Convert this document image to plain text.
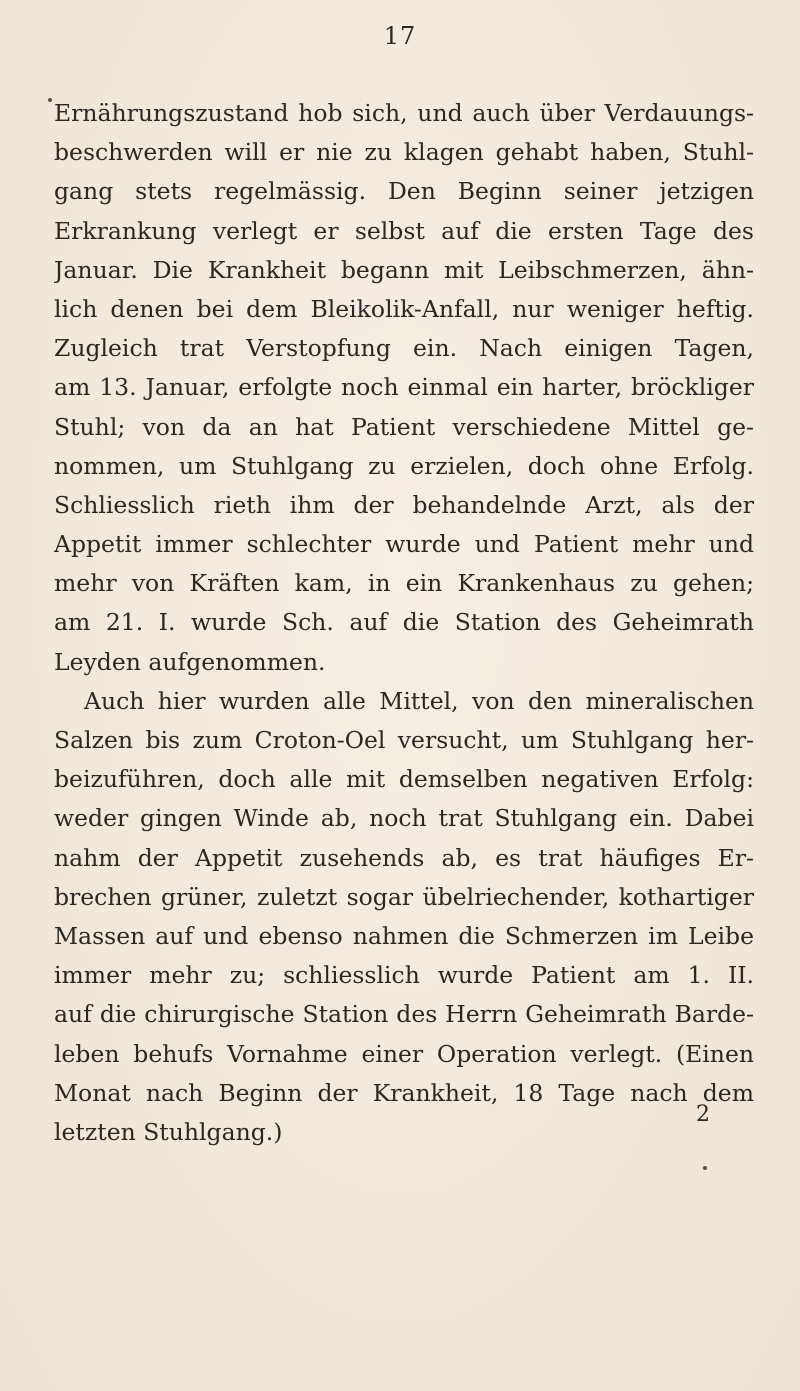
17
Ernährungszustand hob sich, und auch über Verdauungs-
beschwerden will er nie zu klagen gehabt haben, Stuhl-
gang stets regelmässig. Den Beginn seiner jetzigen
Erkrankung verlegt er selbst auf die ersten Tage des
Januar. Die Krankheit begann mit Leibschmerzen, ähn-
lich denen bei dem Bleikolik-Anfall, nur weniger heftig.
Zugleich trat Verstopfung ein. Nach einigen Tagen,
am 13. Januar, erfolgte noch einmal ein harter, bröckliger
Stuhl; von da an hat Patient verschiedene Mittel ge-
nommen, um Stuhlgang zu erzielen, doch ohne Erfolg.
Schliesslich rieth ihm der behandelnde Arzt, als der
Appetit immer schlechter wurde und Patient mehr und
mehr von Kräften kam, in ein Krankenhaus zu gehen;
am 21. I. wurde Sch. auf die Station des Geheimrath
Leyden aufgenommen.
Auch hier wurden alle Mittel, von den mineralischen
Salzen bis zum Croton-Oel versucht, um Stuhlgang her-
beizuführen, doch alle mit demselben negativen Erfolg:
weder gingen Winde ab, noch trat Stuhlgang ein. Dabei
nahm der Appetit zusehends ab, es trat häufiges Er-
brechen grüner, zuletzt sogar übelriechender, kothartiger
Massen auf und ebenso nahmen die Schmerzen im Leibe
immer mehr zu; schliesslich wurde Patient am 1. II.
auf die chirurgische Station des Herrn Geheimrath Barde-
leben behufs Vornahme einer Operation verlegt. (Einen
Monat nach Beginn der Krankheit, 18 Tage nach dem
letzten Stuhlgang.)
2
